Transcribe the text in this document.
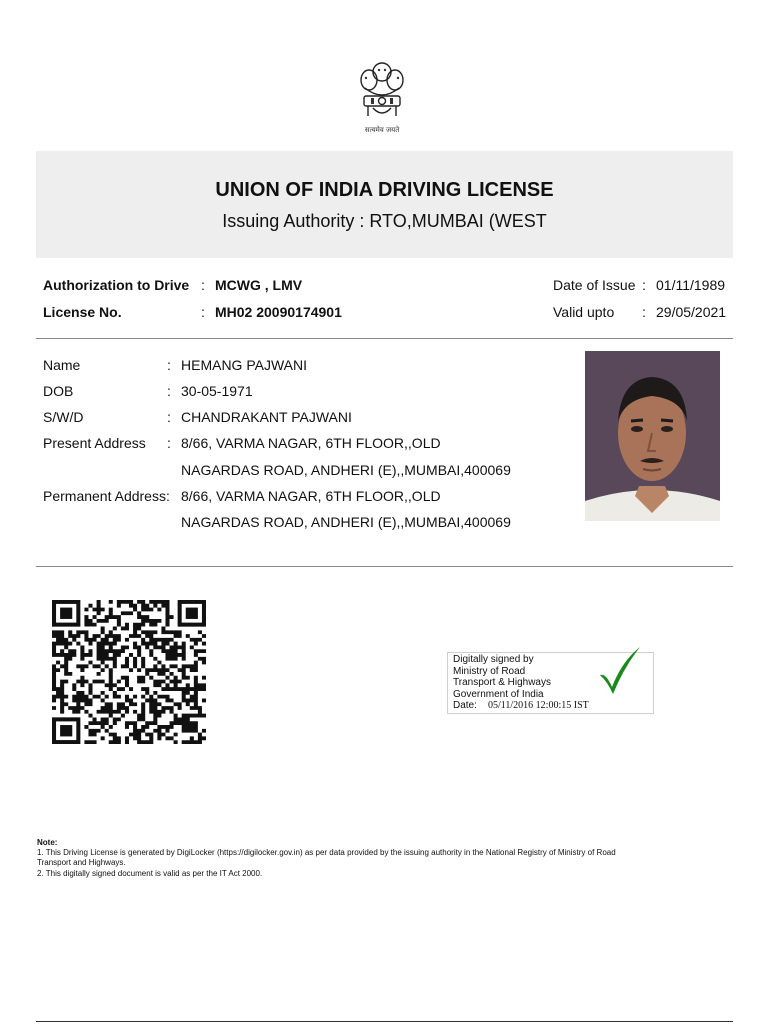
सत्यमेव जयते
UNION OF INDIA DRIVING LICENSE
Issuing Authority : RTO,MUMBAI (WEST
Authorization to Drive : MCWG , LMV
License No.	: MH02 20090174901
Date of Issue : 01/11/1989
Valid upto : 29/05/2021
Name	: HEMANG PAJWANI
DOB	: 30-05-1971
S/W/D	: CHANDRAKANT PAJWANI
Present Address : 8/66, VARMA NAGAR, 6TH FLOOR,,OLD
NAGARDAS ROAD, ANDHERI (E),,MUMBAI,400069
Permanent Address: 8/66, VARMA NAGAR, 6TH FLOOR,,OLD
NAGARDAS ROAD, ANDHERI (E),,MUMBAI,400069
Digitally signed by
Ministry of Road
Transport & Highways
Government of India
Date: 05/11/2016 12:00:15 IST
Note:
1. This Driving License is generated by DigiLocker (https://digilocker.gov.in) as per data provided by the issuing authority in the National Registry of Ministry of Road
Transport and Highways.
2. This digitally signed document is valid as per the IT Act 2000.
